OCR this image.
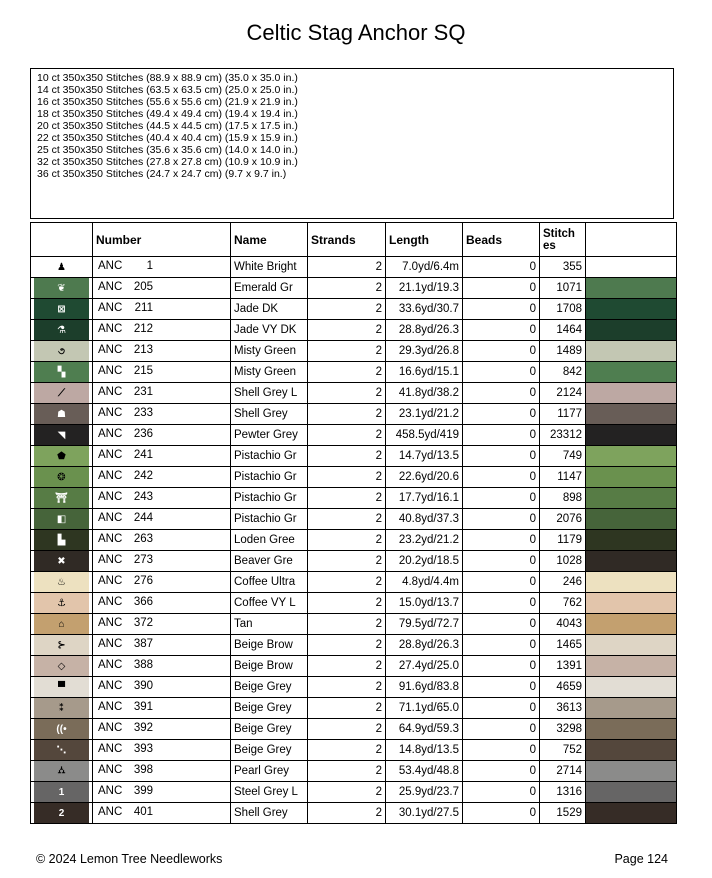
Celtic Stag Anchor SQ
10 ct 350x350 Stitches (88.9 x 88.9 cm) (35.0 x 35.0 in.)
14 ct 350x350 Stitches (63.5 x 63.5 cm) (25.0 x 25.0 in.)
16 ct 350x350 Stitches (55.6 x 55.6 cm) (21.9 x 21.9 in.)
18 ct 350x350 Stitches (49.4 x 49.4 cm) (19.4 x 19.4 in.)
20 ct 350x350 Stitches (44.5 x 44.5 cm) (17.5 x 17.5 in.)
22 ct 350x350 Stitches (40.4 x 40.4 cm) (15.9 x 15.9 in.)
25 ct 350x350 Stitches (35.6 x 35.6 cm) (14.0 x 14.0 in.)
32 ct 350x350 Stitches (27.8 x 27.8 cm) (10.9 x 10.9 in.)
36 ct 350x350 Stitches (24.7 x 24.7 cm) (9.7 x 9.7 in.)
	Number	Name	Strands	Length	Beads	Stitch es	

♟	ANC 1	White Bright	2	7.0yd/6.4m	0	355	

❦	ANC 205	Emerald Gr	2	21.1yd/19.3	0	1071	

⊠	ANC 211	Jade DK	2	33.6yd/30.7	0	1708	

⚗	ANC 212	Jade VY DK	2	28.8yd/26.3	0	1464	

૭	ANC 213	Misty Green	2	29.3yd/26.8	0	1489	

▚	ANC 215	Misty Green	2	16.6yd/15.1	0	842	

⟋	ANC 231	Shell Grey L	2	41.8yd/38.2	0	2124	

☗	ANC 233	Shell Grey	2	23.1yd/21.2	0	1177	

◥	ANC 236	Pewter Grey	2	458.5yd/419	0	23312	

⬟	ANC 241	Pistachio Gr	2	14.7yd/13.5	0	749	

❂	ANC 242	Pistachio Gr	2	22.6yd/20.6	0	1147	

⛩	ANC 243	Pistachio Gr	2	17.7yd/16.1	0	898	

◧	ANC 244	Pistachio Gr	2	40.8yd/37.3	0	2076	

▙	ANC 263	Loden Gree	2	23.2yd/21.2	0	1179	

✖	ANC 273	Beaver Gre	2	20.2yd/18.5	0	1028	

♨	ANC 276	Coffee Ultra	2	4.8yd/4.4m	0	246	

⚓	ANC 366	Coffee VY L	2	15.0yd/13.7	0	762	

⌂	ANC 372	Tan	2	79.5yd/72.7	0	4043	

⊱	ANC 387	Beige Brow	2	28.8yd/26.3	0	1465	

◇	ANC 388	Beige Brow	2	27.4yd/25.0	0	1391	

▀	ANC 390	Beige Grey	2	91.6yd/83.8	0	4659	

⁑	ANC 391	Beige Grey	2	71.1yd/65.0	0	3613	

((•	ANC 392	Beige Grey	2	64.9yd/59.3	0	3298	

⋱	ANC 393	Beige Grey	2	14.8yd/13.5	0	752	

⛼	ANC 398	Pearl Grey	2	53.4yd/48.8	0	2714	

1	ANC 399	Steel Grey L	2	25.9yd/23.7	0	1316	

2	ANC 401	Shell Grey	2	30.1yd/27.5	0	1529	
© 2024 Lemon Tree Needleworks	Page 124
